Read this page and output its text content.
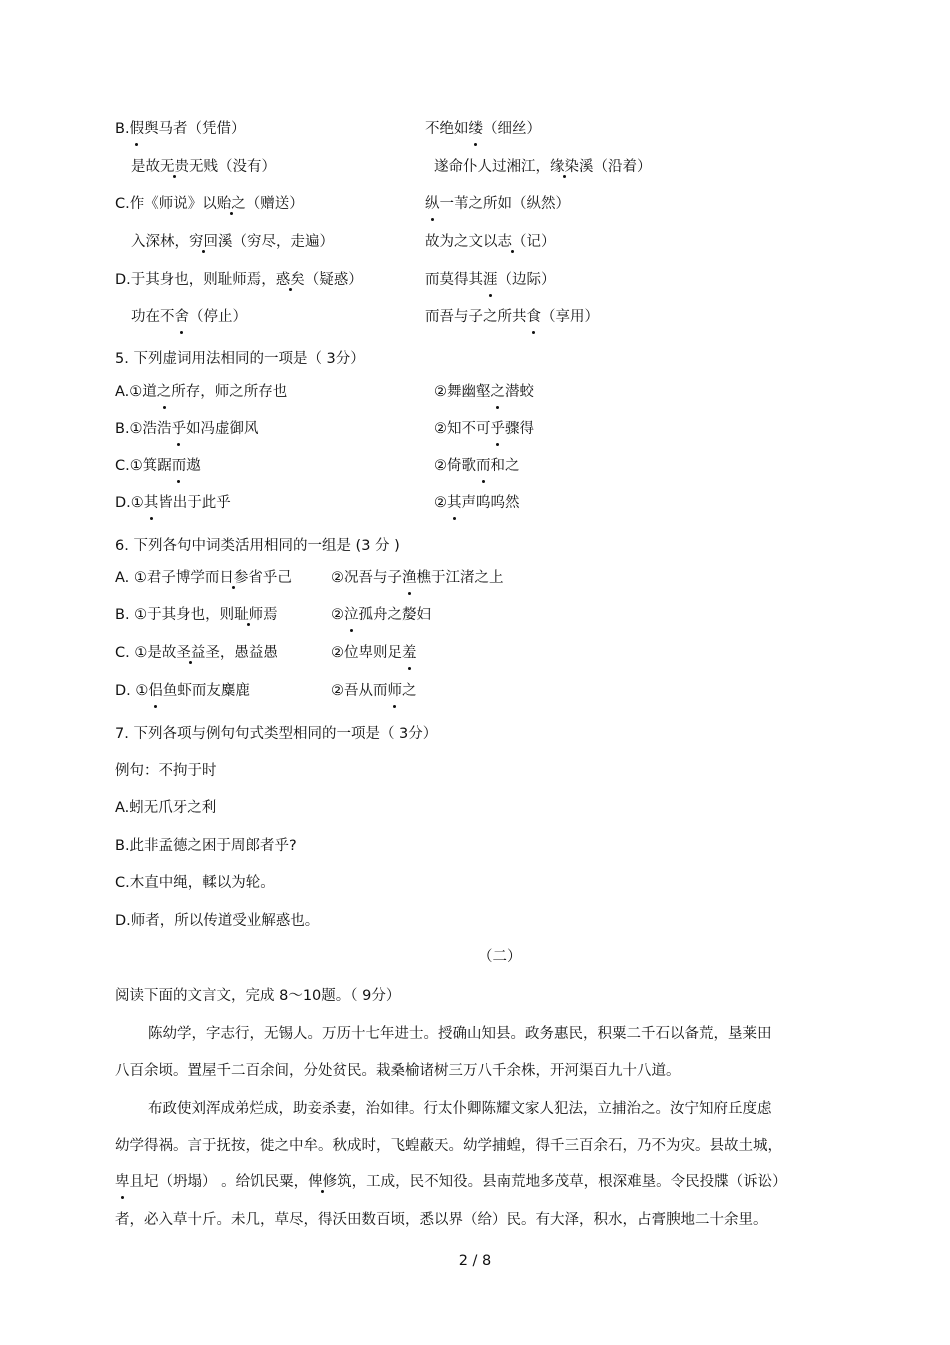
B.假舆马者（凭借）	不绝如缕（细丝）
是故无贵无贱（没有）	遂命仆人过湘江，缘染溪（沿着）
C.作《师说》以贻之（赠送）	纵一苇之所如（纵然）
入深林，穷回溪（穷尽，走遍）	故为之文以志（记）
D.于其身也，则耻师焉，惑矣（疑惑）	而莫得其涯（边际）
功在不舍（停止）	而吾与子之所共食（享用）
5. 下列虚词用法相同的一项是（ 3分）
A.①道之所存，师之所存也	②舞幽壑之潜蛟
B.①浩浩乎如冯虚御风	②知不可乎骤得
C.①箕踞而遨	②倚歌而和之
D.①其皆出于此乎	②其声呜呜然
6. 下列各句中词类活用相同的一组是 (3 分 )
A. ①君子博学而日参省乎己	②况吾与子渔樵于江渚之上
B. ①于其身也，则耻师焉	②泣孤舟之嫠妇
C. ①是故圣益圣，愚益愚	②位卑则足羞
D. ①侣鱼虾而友麋鹿	②吾从而师之
7. 下列各项与例句句式类型相同的一项是（ 3分）
例句：不拘于时
A.蚓无爪牙之利
B.此非孟德之困于周郎者乎?
C.木直中绳，輮以为轮。
D.师者，所以传道受业解惑也。
（二）
阅读下面的文言文，完成 8～10题。（ 9分）
陈幼学，字志行，无锡人。万历十七年进士。授确山知县。政务惠民，积粟二千石以备荒，垦莱田
八百余顷。置屋千二百余间，分处贫民。栽桑榆诸树三万八千余株，开河渠百九十八道。
布政使刘浑成弟烂成，助妾杀妻，治如律。行太仆卿陈耀文家人犯法，立捕治之。汝宁知府丘度虑
幼学得祸。言于抚按，徙之中牟。秋成时，飞蝗蔽天。幼学捕蝗，得千三百余石，乃不为灾。县故土城，
卑且圮（坍塌） 。给饥民粟，俾修筑，工成，民不知役。县南荒地多茂草，根深难垦。令民投牒（诉讼）
者，必入草十斤。未几，草尽，得沃田数百顷，悉以界（给）民。有大泽，积水，占膏腴地二十余里。
2 / 8
